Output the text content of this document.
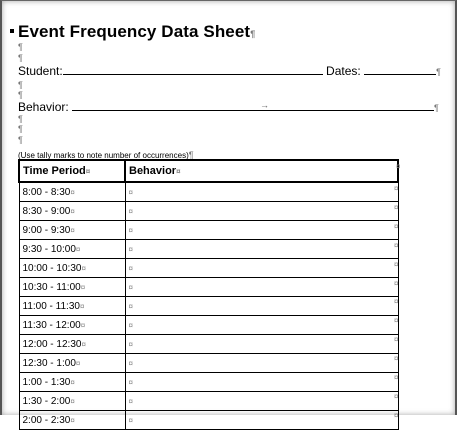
Event Frequency Data Sheet¶
¶
¶
Student:	Dates:	¶
¶
¶
Behavior:	¶
→
¶
¶
¶
(Use tally marks to note number of occurrences)¶
Time Period¤	Behavior¤
8:00 - 8:30¤	¤
8:30 - 9:00¤	¤
9:00 - 9:30¤	¤
9:30 - 10:00¤	¤
10:00 - 10:30¤	¤
10:30 - 11:00¤	¤
11:00 - 11:30¤	¤
11:30 - 12:00¤	¤
12:00 - 12:30¤	¤
12:30 - 1:00¤	¤
1:00 - 1:30¤	¤
1:30 - 2:00¤	¤
2:00 - 2:30¤	¤
¤
¤
¤
¤
¤
¤
¤
¤
¤
¤
¤
¤
¤
¤
